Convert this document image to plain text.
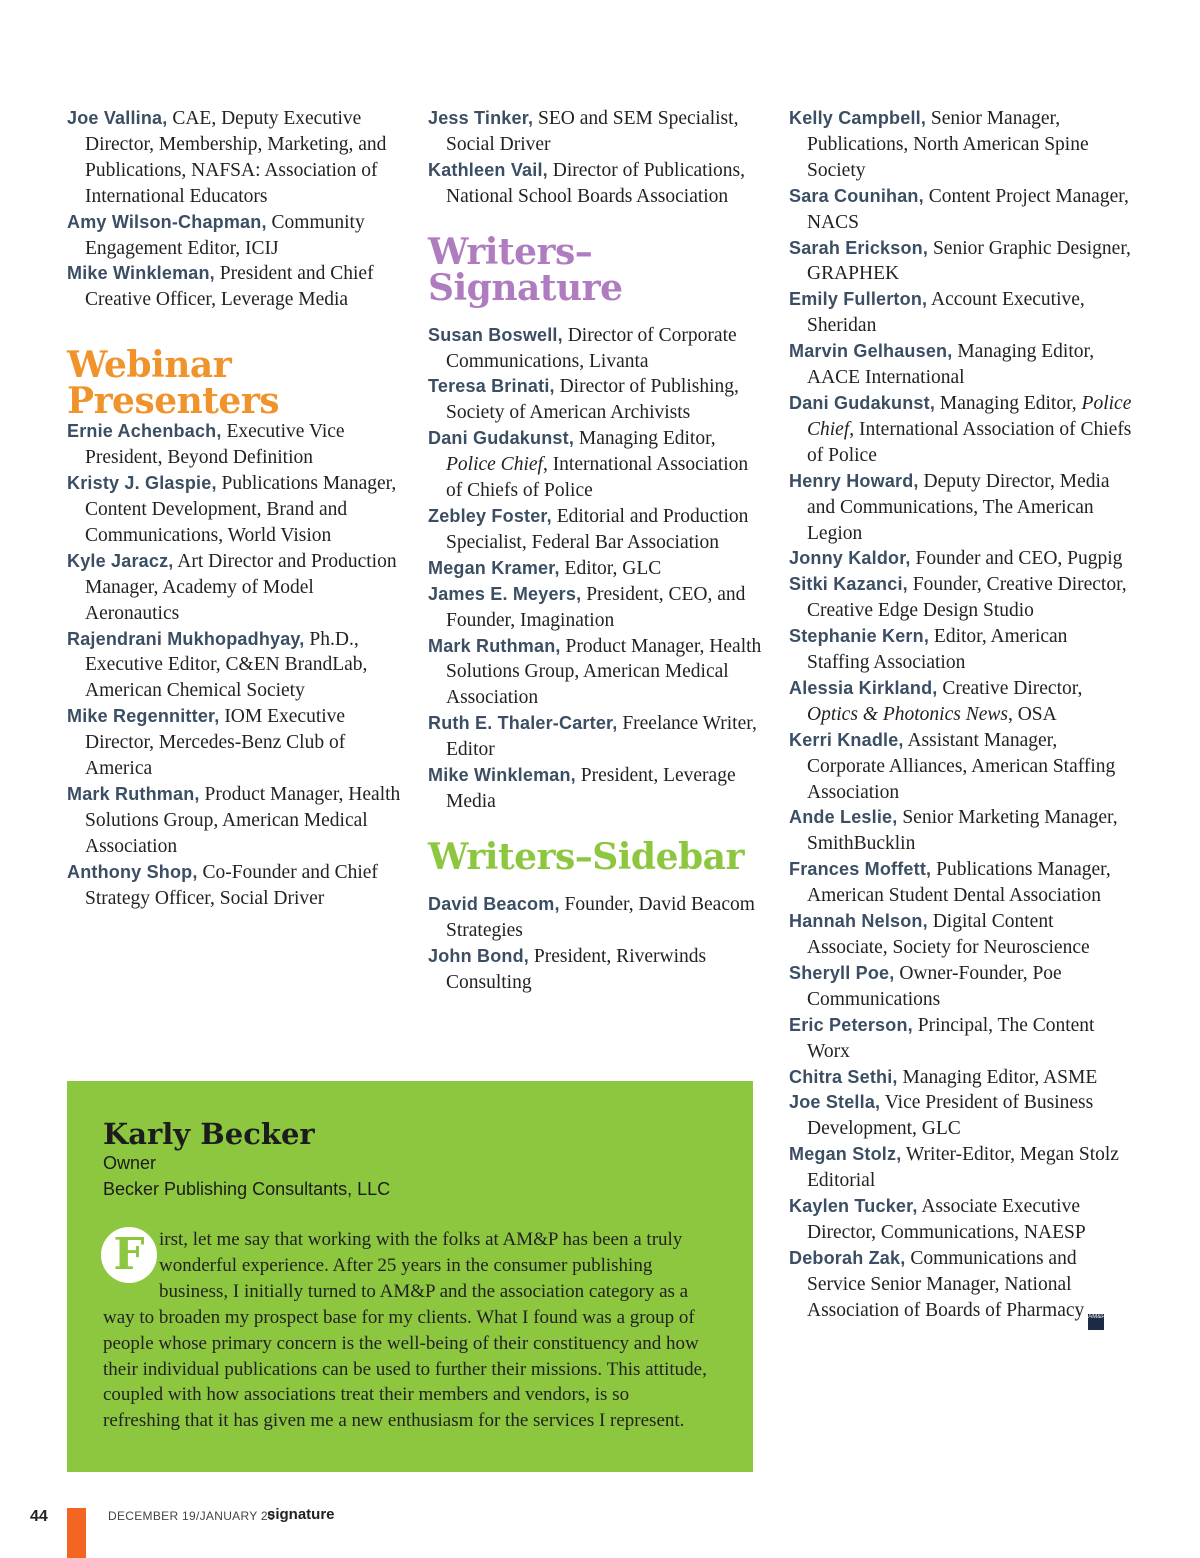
Joe Vallina, CAE, Deputy Executive Director, Membership, Marketing, and Publications, NAFSA: Association of International Educators
Amy Wilson-Chapman, Community Engagement Editor, ICIJ
Mike Winkleman, President and Chief Creative Officer, Leverage Media
Webinar
Presenters
Ernie Achenbach, Executive Vice President, Beyond Definition
Kristy J. Glaspie, Publications Manager, Content Development, Brand and Communications, World Vision
Kyle Jaracz, Art Director and Production Manager, Academy of Model Aeronautics
Rajendrani Mukhopadhyay, Ph.D., Executive Editor, C&EN BrandLab, American Chemical Society
Mike Regennitter, IOM Executive Director, Mercedes-Benz Club of America
Mark Ruthman, Product Manager, Health Solutions Group, American Medical Association
Anthony Shop, Co-Founder and Chief Strategy Officer, Social Driver
Jess Tinker, SEO and SEM Specialist, Social Driver
Kathleen Vail, Director of Publications, National School Boards Association
Writers–Signature
Susan Boswell, Director of Corporate Communications, Livanta
Teresa Brinati, Director of Publishing, Society of American Archivists
Dani Gudakunst, Managing Editor, Police Chief, International Association of Chiefs of Police
Zebley Foster, Editorial and Production Specialist, Federal Bar Association
Megan Kramer, Editor, GLC
James E. Meyers, President, CEO, and Founder, Imagination
Mark Ruthman, Product Manager, Health Solutions Group, American Medical Association
Ruth E. Thaler-Carter, Freelance Writer, Editor
Mike Winkleman, President, Leverage Media
Writers–Sidebar
David Beacom, Founder, David Beacom Strategies
John Bond, President, Riverwinds Consulting
Kelly Campbell, Senior Manager, Publications, North American Spine Society
Sara Counihan, Content Project Manager, NACS
Sarah Erickson, Senior Graphic Designer, GRAPHEK
Emily Fullerton, Account Executive, Sheridan
Marvin Gelhausen, Managing Editor, AACE International
Dani Gudakunst, Managing Editor, Police Chief, International Association of Chiefs of Police
Henry Howard, Deputy Director, Media and Communications, The American Legion
Jonny Kaldor, Founder and CEO, Pugpig
Sitki Kazanci, Founder, Creative Director, Creative Edge Design Studio
Stephanie Kern, Editor, American Staffing Association
Alessia Kirkland, Creative Director, Optics & Photonics News, OSA
Kerri Knadle, Assistant Manager, Corporate Alliances, American Staffing Association
Ande Leslie, Senior Marketing Manager, SmithBucklin
Frances Moffett, Publications Manager, American Student Dental Association
Hannah Nelson, Digital Content Associate, Society for Neuroscience
Sheryll Poe, Owner-Founder, Poe Communications
Eric Peterson, Principal, The Content Worx
Chitra Sethi, Managing Editor, ASME
Joe Stella, Vice President of Business Development, GLC
Megan Stolz, Writer-Editor, Megan Stolz Editorial
Kaylen Tucker, Associate Executive Director, Communications, NAESP
Deborah Zak, Communications and Service Senior Manager, National Association of Boards of Pharmacy AM&P
Karly Becker
Owner
Becker Publishing Consultants, LLC
F irst, let me say that working with the folks at AM&P has been a truly wonderful experience. After 25 years in the consumer publishing business, I initially turned to AM&P and the association category as a way to broaden my prospect base for my clients. What I found was a group of people whose primary concern is the well-being of their constituency and how their individual publications can be used to further their missions. This attitude, coupled with how associations treat their members and vendors, is so refreshing that it has given me a new enthusiasm for the services I represent.
44	DECEMBER 19/JANUARY 20
signature
